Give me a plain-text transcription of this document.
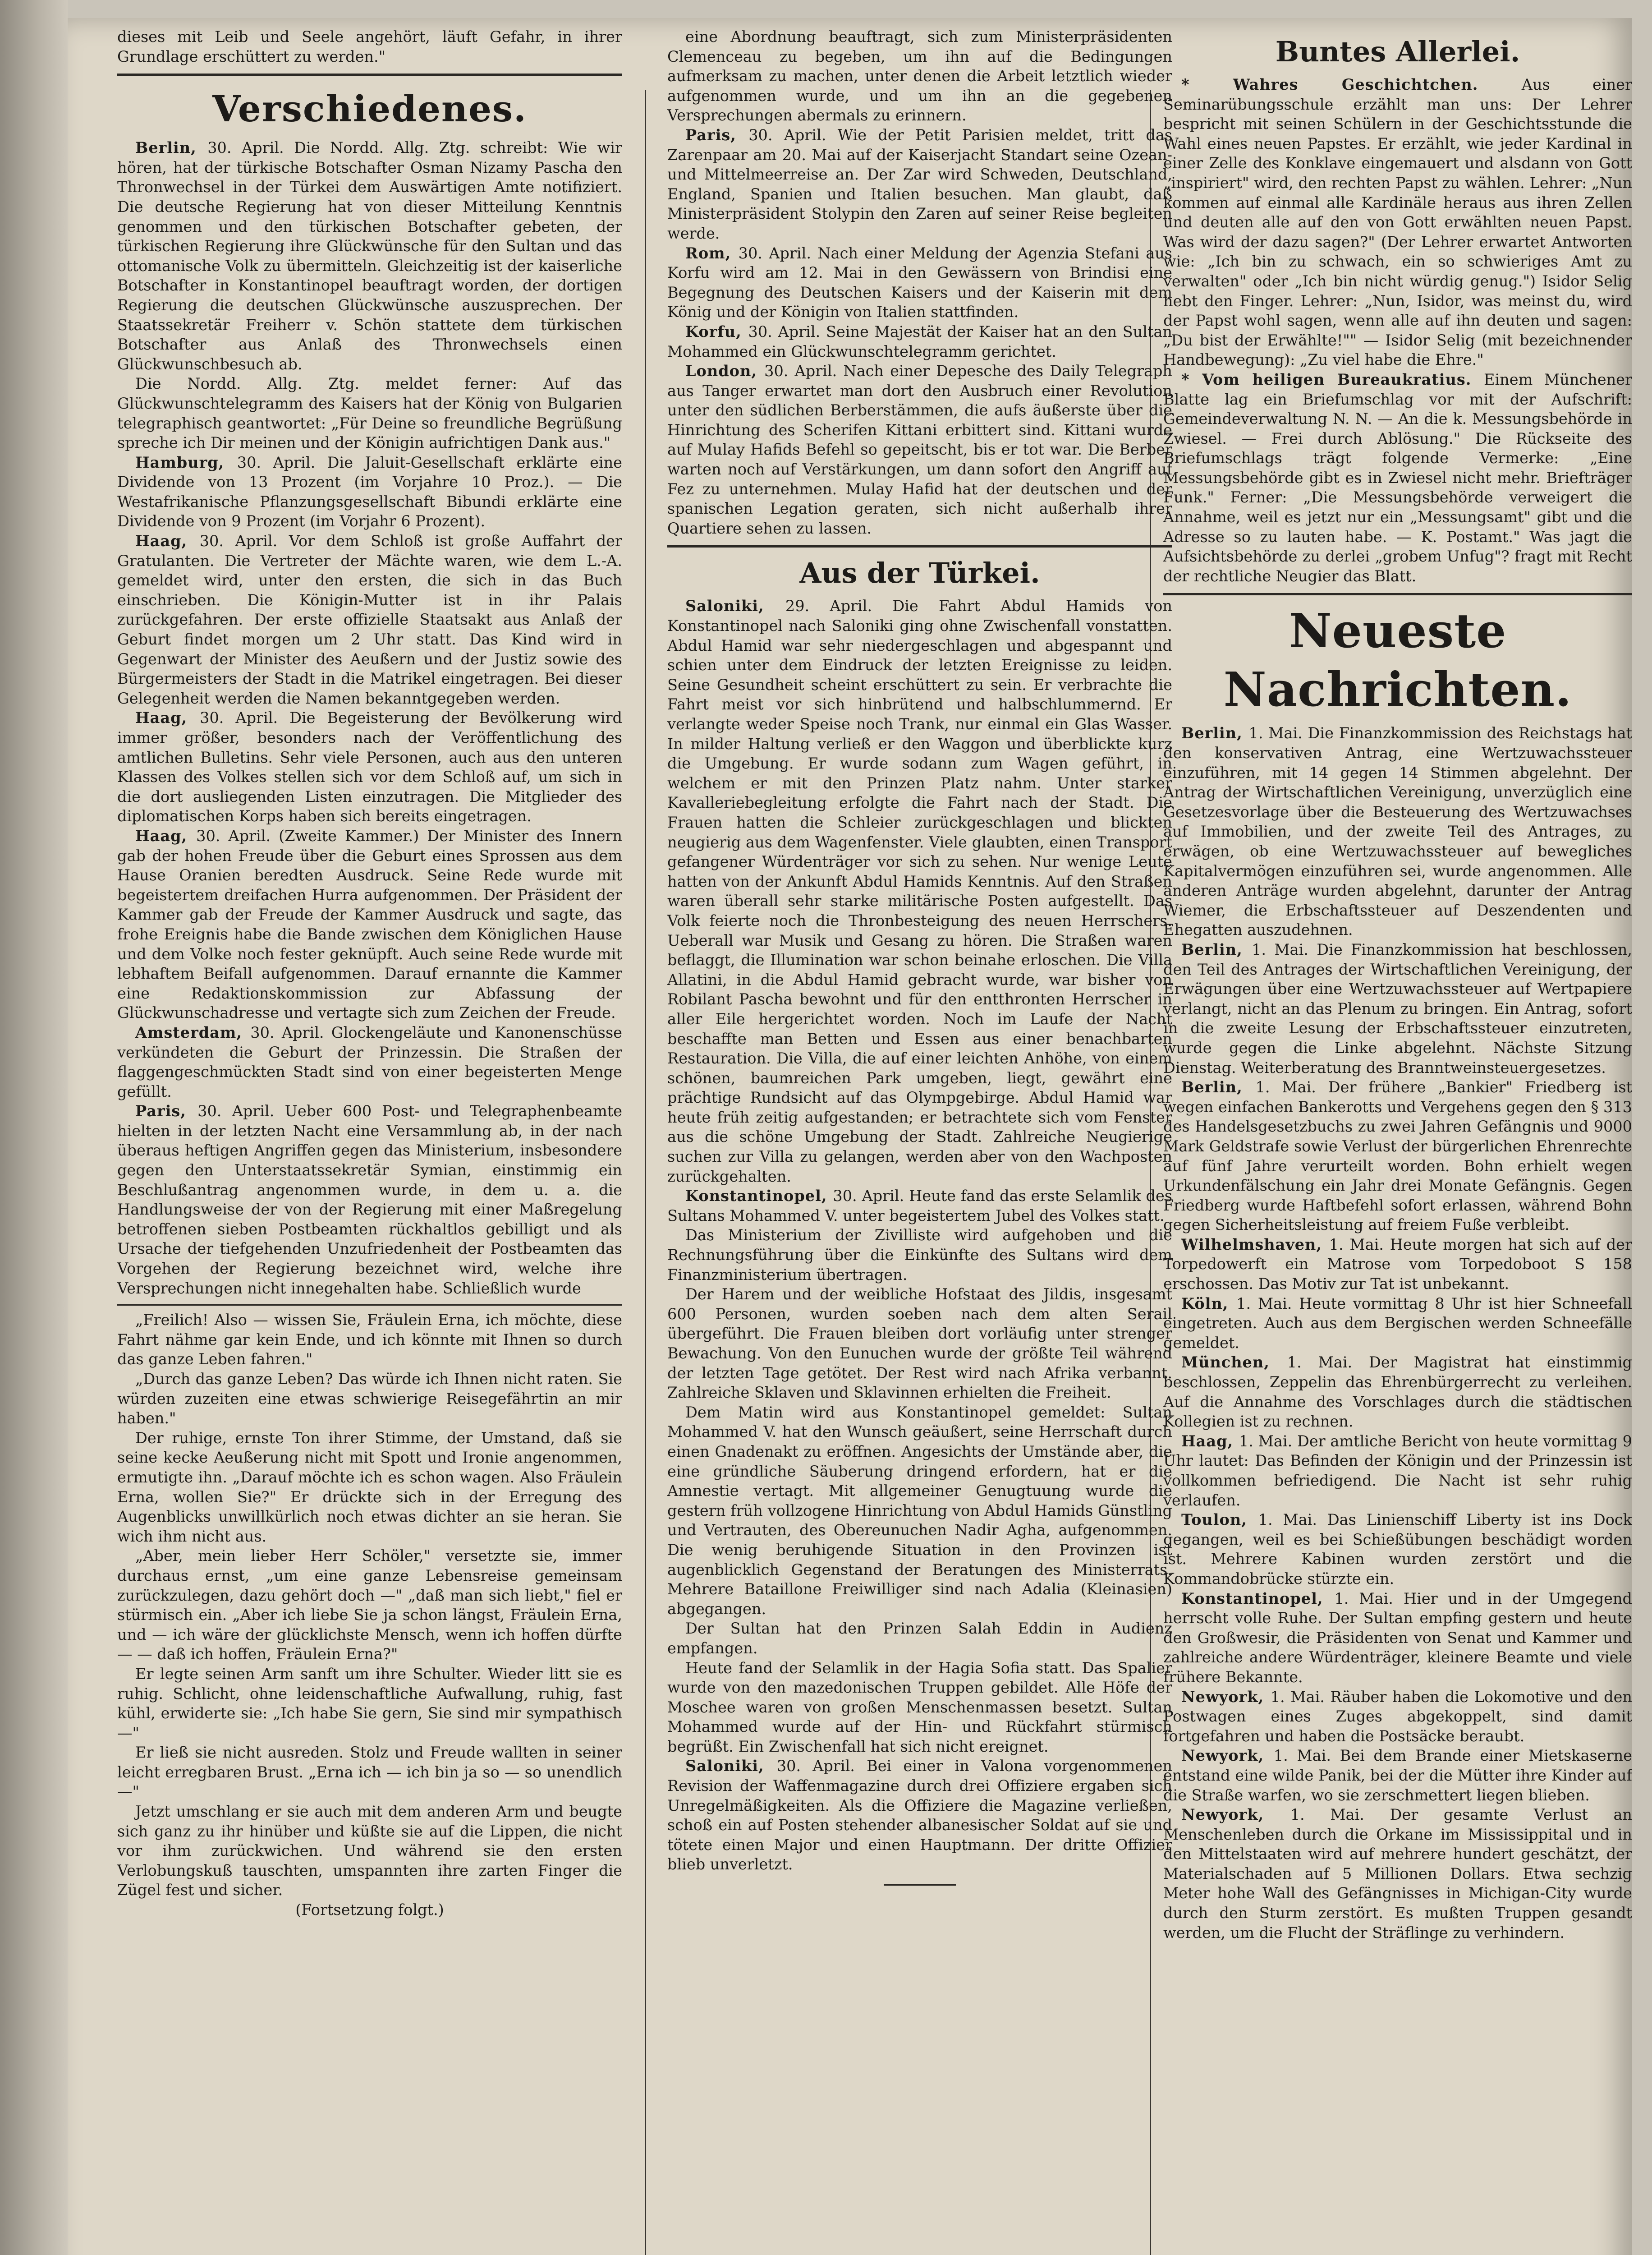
dieses mit Leib und Seele angehört, läuft Gefahr, in ihrer Grundlage erschüttert zu werden."

Verschiedenes.

Berlin, 30. April. Die Nordd. Allg. Ztg. schreibt: Wie wir hören, hat der türkische Botschafter Osman Nizamy Pascha den Thronwechsel in der Türkei dem Auswärtigen Amte notifiziert. Die deutsche Regierung hat von dieser Mitteilung Kenntnis genommen und den türkischen Botschafter gebeten, der türkischen Regierung ihre Glückwünsche für den Sultan und das ottomanische Volk zu übermitteln. Gleichzeitig ist der kaiserliche Botschafter in Konstantinopel beauftragt worden, der dortigen Regierung die deutschen Glückwünsche auszusprechen. Der Staatssekretär Freiherr v. Schön stattete dem türkischen Botschafter aus Anlaß des Thronwechsels einen Glückwunschbesuch ab.

Die Nordd. Allg. Ztg. meldet ferner: Auf das Glückwunschtelegramm des Kaisers hat der König von Bulgarien telegraphisch geantwortet: „Für Deine so freundliche Begrüßung spreche ich Dir meinen und der Königin aufrichtigen Dank aus."

Hamburg, 30. April. Die Jaluit-Gesellschaft erklärte eine Dividende von 13 Prozent (im Vorjahre 10 Proz.). — Die Westafrikanische Pflanzungsgesellschaft Bibundi erklärte eine Dividende von 9 Prozent (im Vorjahr 6 Prozent).

Haag, 30. April. Vor dem Schloß ist große Auffahrt der Gratulanten. Die Vertreter der Mächte waren, wie dem L.-A. gemeldet wird, unter den ersten, die sich in das Buch einschrieben. Die Königin-Mutter ist in ihr Palais zurückgefahren. Der erste offizielle Staatsakt aus Anlaß der Geburt findet morgen um 2 Uhr statt. Das Kind wird in Gegenwart der Minister des Aeußern und der Justiz sowie des Bürgermeisters der Stadt in die Matrikel eingetragen. Bei dieser Gelegenheit werden die Namen bekanntgegeben werden.

Haag, 30. April. Die Begeisterung der Bevölkerung wird immer größer, besonders nach der Veröffentlichung des amtlichen Bulletins. Sehr viele Personen, auch aus den unteren Klassen des Volkes stellen sich vor dem Schloß auf, um sich in die dort ausliegenden Listen einzutragen. Die Mitglieder des diplomatischen Korps haben sich bereits eingetragen.

Haag, 30. April. (Zweite Kammer.) Der Minister des Innern gab der hohen Freude über die Geburt eines Sprossen aus dem Hause Oranien beredten Ausdruck. Seine Rede wurde mit begeistertem dreifachen Hurra aufgenommen. Der Präsident der Kammer gab der Freude der Kammer Ausdruck und sagte, das frohe Ereignis habe die Bande zwischen dem Königlichen Hause und dem Volke noch fester geknüpft. Auch seine Rede wurde mit lebhaftem Beifall aufgenommen. Darauf ernannte die Kammer eine Redaktionskommission zur Abfassung der Glückwunschadresse und vertagte sich zum Zeichen der Freude.

Amsterdam, 30. April. Glockengeläute und Kanonenschüsse verkündeten die Geburt der Prinzessin. Die Straßen der flaggengeschmückten Stadt sind von einer begeisterten Menge gefüllt.

Paris, 30. April. Ueber 600 Post- und Telegraphenbeamte hielten in der letzten Nacht eine Versammlung ab, in der nach überaus heftigen Angriffen gegen das Ministerium, insbesondere gegen den Unterstaatssekretär Symian, einstimmig ein Beschlußantrag angenommen wurde, in dem u. a. die Handlungsweise der von der Regierung mit einer Maßregelung betroffenen sieben Postbeamten rückhaltlos gebilligt und als Ursache der tiefgehenden Unzufriedenheit der Postbeamten das Vorgehen der Regierung bezeichnet wird, welche ihre Versprechungen nicht innegehalten habe. Schließlich wurde

„Freilich! Also — wissen Sie, Fräulein Erna, ich möchte, diese Fahrt nähme gar kein Ende, und ich könnte mit Ihnen so durch das ganze Leben fahren."

„Durch das ganze Leben? Das würde ich Ihnen nicht raten. Sie würden zuzeiten eine etwas schwierige Reisegefährtin an mir haben."

Der ruhige, ernste Ton ihrer Stimme, der Umstand, daß sie seine kecke Aeußerung nicht mit Spott und Ironie angenommen, ermutigte ihn. „Darauf möchte ich es schon wagen. Also Fräulein Erna, wollen Sie?" Er drückte sich in der Erregung des Augenblicks unwillkürlich noch etwas dichter an sie heran. Sie wich ihm nicht aus.

„Aber, mein lieber Herr Schöler," versetzte sie, immer durchaus ernst, „um eine ganze Lebensreise gemeinsam zurückzulegen, dazu gehört doch —" „daß man sich liebt," fiel er stürmisch ein. „Aber ich liebe Sie ja schon längst, Fräulein Erna, und — ich wäre der glücklichste Mensch, wenn ich hoffen dürfte — — daß ich hoffen, Fräulein Erna?"

Er legte seinen Arm sanft um ihre Schulter. Wieder litt sie es ruhig. Schlicht, ohne leidenschaftliche Aufwallung, ruhig, fast kühl, erwiderte sie: „Ich habe Sie gern, Sie sind mir sympathisch —"

Er ließ sie nicht ausreden. Stolz und Freude wallten in seiner leicht erregbaren Brust. „Erna ich — ich bin ja so — so unendlich —"

Jetzt umschlang er sie auch mit dem anderen Arm und beugte sich ganz zu ihr hinüber und küßte sie auf die Lippen, die nicht vor ihm zurückwichen. Und während sie den ersten Verlobungskuß tauschten, umspannten ihre zarten Finger die Zügel fest und sicher.

(Fortsetzung folgt.)

eine Abordnung beauftragt, sich zum Ministerpräsidenten Clemenceau zu begeben, um ihn auf die Bedingungen aufmerksam zu machen, unter denen die Arbeit letztlich wieder aufgenommen wurde, und um ihn an die gegebenen Versprechungen abermals zu erinnern.

Paris, 30. April. Wie der Petit Parisien meldet, tritt das Zarenpaar am 20. Mai auf der Kaiserjacht Standart seine Ozean- und Mittelmeerreise an. Der Zar wird Schweden, Deutschland, England, Spanien und Italien besuchen. Man glaubt, daß Ministerpräsident Stolypin den Zaren auf seiner Reise begleiten werde.

Rom, 30. April. Nach einer Meldung der Agenzia Stefani aus Korfu wird am 12. Mai in den Gewässern von Brindisi eine Begegnung des Deutschen Kaisers und der Kaiserin mit dem König und der Königin von Italien stattfinden.

Korfu, 30. April. Seine Majestät der Kaiser hat an den Sultan Mohammed ein Glückwunschtelegramm gerichtet.

London, 30. April. Nach einer Depesche des Daily Telegraph aus Tanger erwartet man dort den Ausbruch einer Revolution unter den südlichen Berberstämmen, die aufs äußerste über die Hinrichtung des Scherifen Kittani erbittert sind. Kittani wurde auf Mulay Hafids Befehl so gepeitscht, bis er tot war. Die Berber warten noch auf Verstärkungen, um dann sofort den Angriff auf Fez zu unternehmen. Mulay Hafid hat der deutschen und der spanischen Legation geraten, sich nicht außerhalb ihrer Quartiere sehen zu lassen.

Aus der Türkei.

Saloniki, 29. April. Die Fahrt Abdul Hamids von Konstantinopel nach Saloniki ging ohne Zwischenfall vonstatten. Abdul Hamid war sehr niedergeschlagen und abgespannt und schien unter dem Eindruck der letzten Ereignisse zu leiden. Seine Gesundheit scheint erschüttert zu sein. Er verbrachte die Fahrt meist vor sich hinbrütend und halbschlummernd. Er verlangte weder Speise noch Trank, nur einmal ein Glas Wasser. In milder Haltung verließ er den Waggon und überblickte kurz die Umgebung. Er wurde sodann zum Wagen geführt, in welchem er mit den Prinzen Platz nahm. Unter starker Kavalleriebegleitung erfolgte die Fahrt nach der Stadt. Die Frauen hatten die Schleier zurückgeschlagen und blickten neugierig aus dem Wagenfenster. Viele glaubten, einen Transport gefangener Würdenträger vor sich zu sehen. Nur wenige Leute hatten von der Ankunft Abdul Hamids Kenntnis. Auf den Straßen waren überall sehr starke militärische Posten aufgestellt. Das Volk feierte noch die Thronbesteigung des neuen Herrschers. Ueberall war Musik und Gesang zu hören. Die Straßen waren beflaggt, die Illumination war schon beinahe erloschen. Die Villa Allatini, in die Abdul Hamid gebracht wurde, war bisher von Robilant Pascha bewohnt und für den entthronten Herrscher in aller Eile hergerichtet worden. Noch im Laufe der Nacht beschaffte man Betten und Essen aus einer benachbarten Restauration. Die Villa, die auf einer leichten Anhöhe, von einem schönen, baumreichen Park umgeben, liegt, gewährt eine prächtige Rundsicht auf das Olympgebirge. Abdul Hamid war heute früh zeitig aufgestanden; er betrachtete sich vom Fenster aus die schöne Umgebung der Stadt. Zahlreiche Neugierige suchen zur Villa zu gelangen, werden aber von den Wachposten zurückgehalten.

Konstantinopel, 30. April. Heute fand das erste Selamlik des Sultans Mohammed V. unter begeistertem Jubel des Volkes statt.

Das Ministerium der Zivilliste wird aufgehoben und die Rechnungsführung über die Einkünfte des Sultans wird dem Finanzministerium übertragen.

Der Harem und der weibliche Hofstaat des Jildis, insgesamt 600 Personen, wurden soeben nach dem alten Serail übergeführt. Die Frauen bleiben dort vorläufig unter strenger Bewachung. Von den Eunuchen wurde der größte Teil während der letzten Tage getötet. Der Rest wird nach Afrika verbannt. Zahlreiche Sklaven und Sklavinnen erhielten die Freiheit.

Dem Matin wird aus Konstantinopel gemeldet: Sultan Mohammed V. hat den Wunsch geäußert, seine Herrschaft durch einen Gnadenakt zu eröffnen. Angesichts der Umstände aber, die eine gründliche Säuberung dringend erfordern, hat er die Amnestie vertagt. Mit allgemeiner Genugtuung wurde die gestern früh vollzogene Hinrichtung von Abdul Hamids Günstling und Vertrauten, des Obereunuchen Nadir Agha, aufgenommen. Die wenig beruhigende Situation in den Provinzen ist augenblicklich Gegenstand der Beratungen des Ministerrats. Mehrere Bataillone Freiwilliger sind nach Adalia (Kleinasien) abgegangen.

Der Sultan hat den Prinzen Salah Eddin in Audienz empfangen.

Heute fand der Selamlik in der Hagia Sofia statt. Das Spalier wurde von den mazedonischen Truppen gebildet. Alle Höfe der Moschee waren von großen Menschenmassen besetzt. Sultan Mohammed wurde auf der Hin- und Rückfahrt stürmisch begrüßt. Ein Zwischenfall hat sich nicht ereignet.

Saloniki, 30. April. Bei einer in Valona vorgenommenen Revision der Waffenmagazine durch drei Offiziere ergaben sich Unregelmäßigkeiten. Als die Offiziere die Magazine verließen, schoß ein auf Posten stehender albanesischer Soldat auf sie und tötete einen Major und einen Hauptmann. Der dritte Offizier blieb unverletzt.

Buntes Allerlei.

* Wahres Geschichtchen. Aus einer Seminarübungsschule erzählt man uns: Der Lehrer bespricht mit seinen Schülern in der Geschichtsstunde die Wahl eines neuen Papstes. Er erzählt, wie jeder Kardinal in einer Zelle des Konklave eingemauert und alsdann von Gott „inspiriert" wird, den rechten Papst zu wählen. Lehrer: „Nun kommen auf einmal alle Kardinäle heraus aus ihren Zellen und deuten alle auf den von Gott erwählten neuen Papst. Was wird der dazu sagen?" (Der Lehrer erwartet Antworten wie: „Ich bin zu schwach, ein so schwieriges Amt zu verwalten" oder „Ich bin nicht würdig genug.") Isidor Selig hebt den Finger. Lehrer: „Nun, Isidor, was meinst du, wird der Papst wohl sagen, wenn alle auf ihn deuten und sagen: „Du bist der Erwählte!"" — Isidor Selig (mit bezeichnender Handbewegung): „Zu viel habe die Ehre."

* Vom heiligen Bureaukratius. Einem Münchener Blatte lag ein Briefumschlag vor mit der Aufschrift: Gemeindeverwaltung N. N. — An die k. Messungsbehörde in Zwiesel. — Frei durch Ablösung." Die Rückseite des Briefumschlags trägt folgende Vermerke: „Eine Messungsbehörde gibt es in Zwiesel nicht mehr. Briefträger Funk." Ferner: „Die Messungsbehörde verweigert die Annahme, weil es jetzt nur ein „Messungsamt" gibt und die Adresse so zu lauten habe. — K. Postamt." Was jagt die Aufsichtsbehörde zu derlei „grobem Unfug"? fragt mit Recht der rechtliche Neugier das Blatt.

Neueste Nachrichten.

Berlin, 1. Mai. Die Finanzkommission des Reichstags hat den konservativen Antrag, eine Wertzuwachssteuer einzuführen, mit 14 gegen 14 Stimmen abgelehnt. Der Antrag der Wirtschaftlichen Vereinigung, unverzüglich eine Gesetzesvorlage über die Besteuerung des Wertzuwachses auf Immobilien, und der zweite Teil des Antrages, zu erwägen, ob eine Wertzuwachssteuer auf bewegliches Kapitalvermögen einzuführen sei, wurde angenommen. Alle anderen Anträge wurden abgelehnt, darunter der Antrag Wiemer, die Erbschaftssteuer auf Deszendenten und Ehegatten auszudehnen.

Berlin, 1. Mai. Die Finanzkommission hat beschlossen, den Teil des Antrages der Wirtschaftlichen Vereinigung, der Erwägungen über eine Wertzuwachssteuer auf Wertpapiere verlangt, nicht an das Plenum zu bringen. Ein Antrag, sofort in die zweite Lesung der Erbschaftssteuer einzutreten, wurde gegen die Linke abgelehnt. Nächste Sitzung Dienstag. Weiterberatung des Branntweinsteuergesetzes.

Berlin, 1. Mai. Der frühere „Bankier" Friedberg ist wegen einfachen Bankerotts und Vergehens gegen den § 313 des Handelsgesetzbuchs zu zwei Jahren Gefängnis und 9000 Mark Geldstrafe sowie Verlust der bürgerlichen Ehrenrechte auf fünf Jahre verurteilt worden. Bohn erhielt wegen Urkundenfälschung ein Jahr drei Monate Gefängnis. Gegen Friedberg wurde Haftbefehl sofort erlassen, während Bohn gegen Sicherheitsleistung auf freiem Fuße verbleibt.

Wilhelmshaven, 1. Mai. Heute morgen hat sich auf der Torpedowerft ein Matrose vom Torpedoboot S 158 erschossen. Das Motiv zur Tat ist unbekannt.

Köln, 1. Mai. Heute vormittag 8 Uhr ist hier Schneefall eingetreten. Auch aus dem Bergischen werden Schneefälle gemeldet.

München, 1. Mai. Der Magistrat hat einstimmig beschlossen, Zeppelin das Ehrenbürgerrecht zu verleihen. Auf die Annahme des Vorschlages durch die städtischen Kollegien ist zu rechnen.

Haag, 1. Mai. Der amtliche Bericht von heute vormittag 9 Uhr lautet: Das Befinden der Königin und der Prinzessin ist vollkommen befriedigend. Die Nacht ist sehr ruhig verlaufen.

Toulon, 1. Mai. Das Linienschiff Liberty ist ins Dock gegangen, weil es bei Schießübungen beschädigt worden ist. Mehrere Kabinen wurden zerstört und die Kommandobrücke stürzte ein.

Konstantinopel, 1. Mai. Hier und in der Umgegend herrscht volle Ruhe. Der Sultan empfing gestern und heute den Großwesir, die Präsidenten von Senat und Kammer und zahlreiche andere Würdenträger, kleinere Beamte und viele frühere Bekannte.

Newyork, 1. Mai. Räuber haben die Lokomotive und den Postwagen eines Zuges abgekoppelt, sind damit fortgefahren und haben die Postsäcke beraubt.

Newyork, 1. Mai. Bei dem Brande einer Mietskaserne entstand eine wilde Panik, bei der die Mütter ihre Kinder auf die Straße warfen, wo sie zerschmettert liegen blieben.

Newyork, 1. Mai. Der gesamte Verlust an Menschenleben durch die Orkane im Mississippital und in den Mittelstaaten wird auf mehrere hundert geschätzt, der Materialschaden auf 5 Millionen Dollars. Etwa sechzig Meter hohe Wall des Gefängnisses in Michigan-City wurde durch den Sturm zerstört. Es mußten Truppen gesandt werden, um die Flucht der Sträflinge zu verhindern.
